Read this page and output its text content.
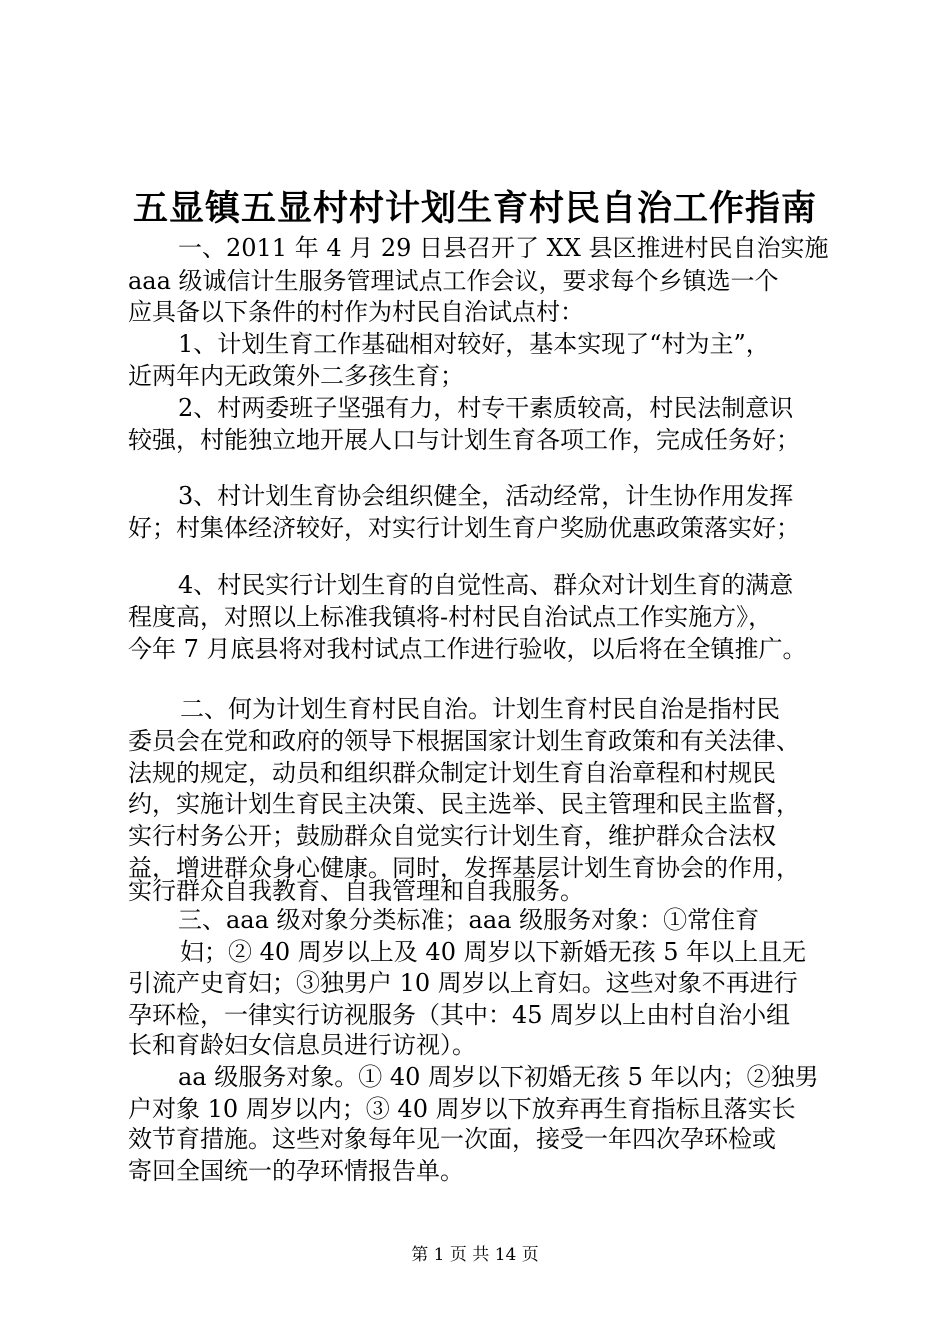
五显镇五显村村计划生育村民自治工作指南
一、2011 年 4 月 29 日县召开了 XX 县区推进村民自治实施
aaa 级诚信计生服务管理试点工作会议，要求每个乡镇选一个
应具备以下条件的村作为村民自治试点村：
1、计划生育工作基础相对较好，基本实现了“村为主”，
近两年内无政策外二多孩生育；
2、村两委班子坚强有力，村专干素质较高，村民法制意识
较强，村能独立地开展人口与计划生育各项工作，完成任务好；
3、村计划生育协会组织健全，活动经常，计生协作用发挥
好；村集体经济较好，对实行计划生育户奖励优惠政策落实好；
4、村民实行计划生育的自觉性高、群众对计划生育的满意
程度高，对照以上标准我镇将-村村民自治试点工作实施方》，
今年 7 月底县将对我村试点工作进行验收，以后将在全镇推广。
二、何为计划生育村民自治。计划生育村民自治是指村民
委员会在党和政府的领导下根据国家计划生育政策和有关法律、
法规的规定，动员和组织群众制定计划生育自治章程和村规民
约，实施计划生育民主决策、民主选举、民主管理和民主监督，
实行村务公开；鼓励群众自觉实行计划生育，维护群众合法权
益，增进群众身心健康。同时，发挥基层计划生育协会的作用，
实行群众自我教育、自我管理和自我服务。
三、aaa 级对象分类标准；aaa 级服务对象：①常住育
妇；② 40 周岁以上及 40 周岁以下新婚无孩 5 年以上且无
引流产史育妇；③独男户 10 周岁以上育妇。这些对象不再进行
孕环检，一律实行访视服务（其中：45 周岁以上由村自治小组
长和育龄妇女信息员进行访视）。
aa 级服务对象。① 40 周岁以下初婚无孩 5 年以内；②独男
户对象 10 周岁以内；③ 40 周岁以下放弃再生育指标且落实长
效节育措施。这些对象每年见一次面，接受一年四次孕环检或
寄回全国统一的孕环情报告单。
第 1 页 共 14 页
